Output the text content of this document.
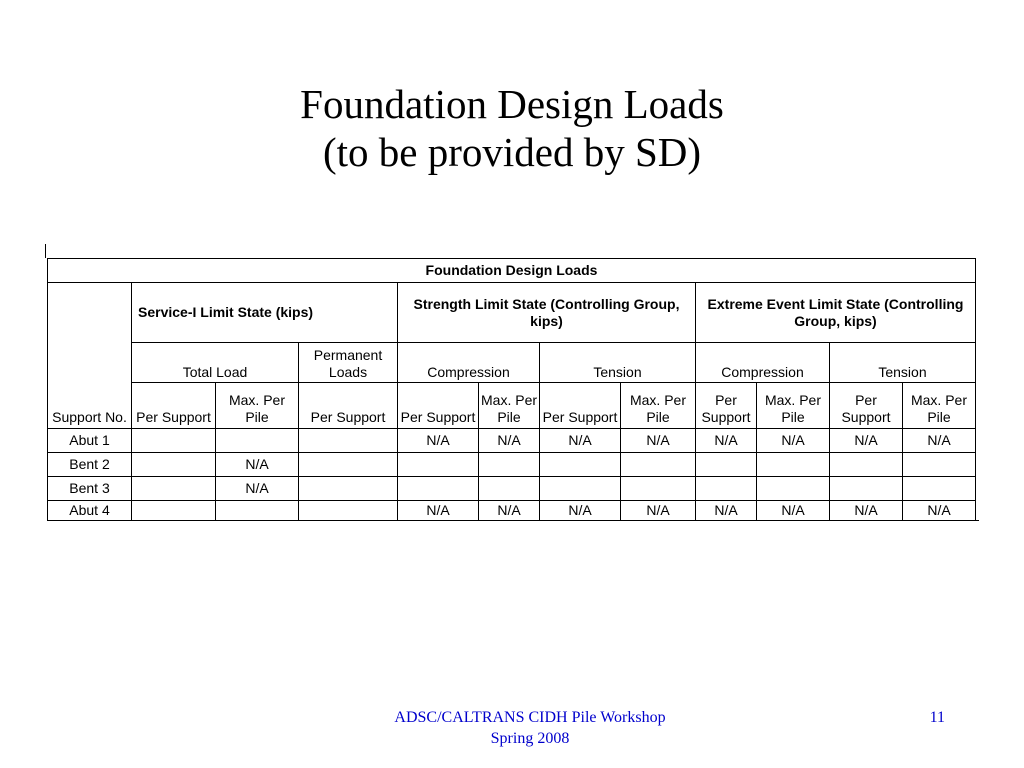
Foundation Design Loads
(to be provided by SD)
Foundation Design Loads											
Support No.	Service-I Limit State (kips)			Strength Limit State (Controlling Group, kips)				Extreme Event Limit State (Controlling Group, kips)			
	Total Load		Permanent Loads	Compression		Tension		Compression		Tension	
	Per Support	Max. Per Pile	Per Support	Per Support	Max. Per Pile	Per Support	Max. Per Pile	Per Support	Max. Per Pile	Per Support	Max. Per Pile
Abut 1				N/A	N/A	N/A	N/A	N/A	N/A	N/A	N/A
Bent 2		N/A									
Bent 3		N/A									
Abut 4				N/A	N/A	N/A	N/A	N/A	N/A	N/A	N/A
ADSC/CALTRANS CIDH Pile Workshop
Spring 2008
11
